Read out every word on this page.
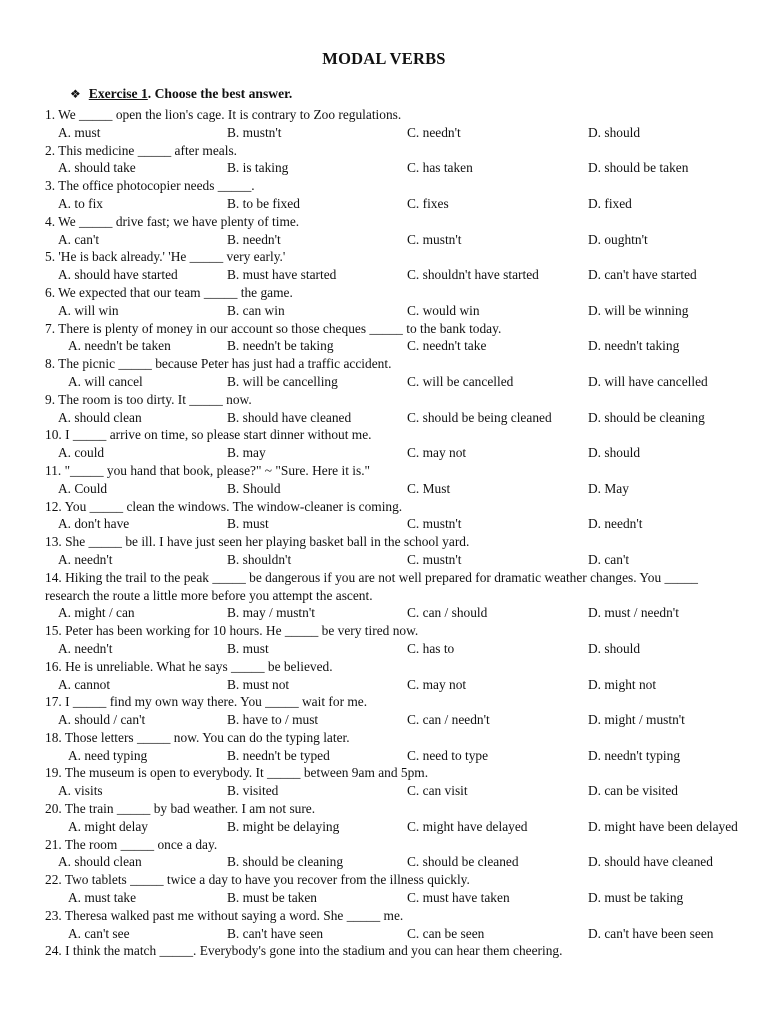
MODAL VERBS
❖ Exercise 1. Choose the best answer.
1. We _____ open the lion's cage. It is contrary to Zoo regulations.
A. must	B. mustn't	C. needn't	D. should
2. This medicine _____ after meals.
A. should take	B. is taking	C. has taken	D. should be taken
3. The office photocopier needs _____.
A. to fix	B. to be fixed	C. fixes	D. fixed
4. We _____ drive fast; we have plenty of time.
A. can't	B. needn't	C. mustn't	D. oughtn't
5. 'He is back already.' 'He _____ very early.'
A. should have started	B. must have started	C. shouldn't have started	D. can't have started
6. We expected that our team _____ the game.
A. will win	B. can win	C. would win	D. will be winning
7. There is plenty of money in our account so those cheques _____ to the bank today.
A. needn't be taken	B. needn't be taking	C. needn't take	D. needn't taking
8. The picnic _____ because Peter has just had a traffic accident.
A. will cancel	B. will be cancelling	C. will be cancelled	D. will have cancelled
9. The room is too dirty. It _____ now.
A. should clean	B. should have cleaned	C. should be being cleaned	D. should be cleaning
10. I _____ arrive on time, so please start dinner without me.
A. could	B. may	C. may not	D. should
11. "_____ you hand that book, please?" ~ "Sure. Here it is."
A. Could	B. Should	C. Must	D. May
12. You _____ clean the windows. The window-cleaner is coming.
A. don't have	B. must	C. mustn't	D. needn't
13. She _____ be ill. I have just seen her playing basket ball in the school yard.
A. needn't	B. shouldn't	C. mustn't	D. can't
14. Hiking the trail to the peak _____ be dangerous if you are not well prepared for dramatic weather changes. You _____ research the route a little more before you attempt the ascent.
A. might / can	B. may / mustn't	C. can / should	D. must / needn't
15. Peter has been working for 10 hours. He _____ be very tired now.
A. needn't	B. must	C. has to	D. should
16. He is unreliable. What he says _____ be believed.
A. cannot	B. must not	C. may not	D. might not
17. I _____ find my own way there. You _____ wait for me.
A. should / can't	B. have to / must	C. can / needn't	D. might / mustn't
18. Those letters _____ now. You can do the typing later.
A. need typing	B. needn't be typed	C. need to type	D. needn't typing
19. The museum is open to everybody. It _____ between 9am and 5pm.
A. visits	B. visited	C. can visit	D. can be visited
20. The train _____ by bad weather. I am not sure.
A. might delay	B. might be delaying	C. might have delayed	D. might have been delayed
21. The room _____ once a day.
A. should clean	B. should be cleaning	C. should be cleaned	D. should have cleaned
22. Two tablets _____ twice a day to have you recover from the illness quickly.
A. must take	B. must be taken	C. must have taken	D. must be taking
23. Theresa walked past me without saying a word. She _____ me.
A. can't see	B. can't have seen	C. can be seen	D. can't have been seen
24. I think the match _____. Everybody's gone into the stadium and you can hear them cheering.
